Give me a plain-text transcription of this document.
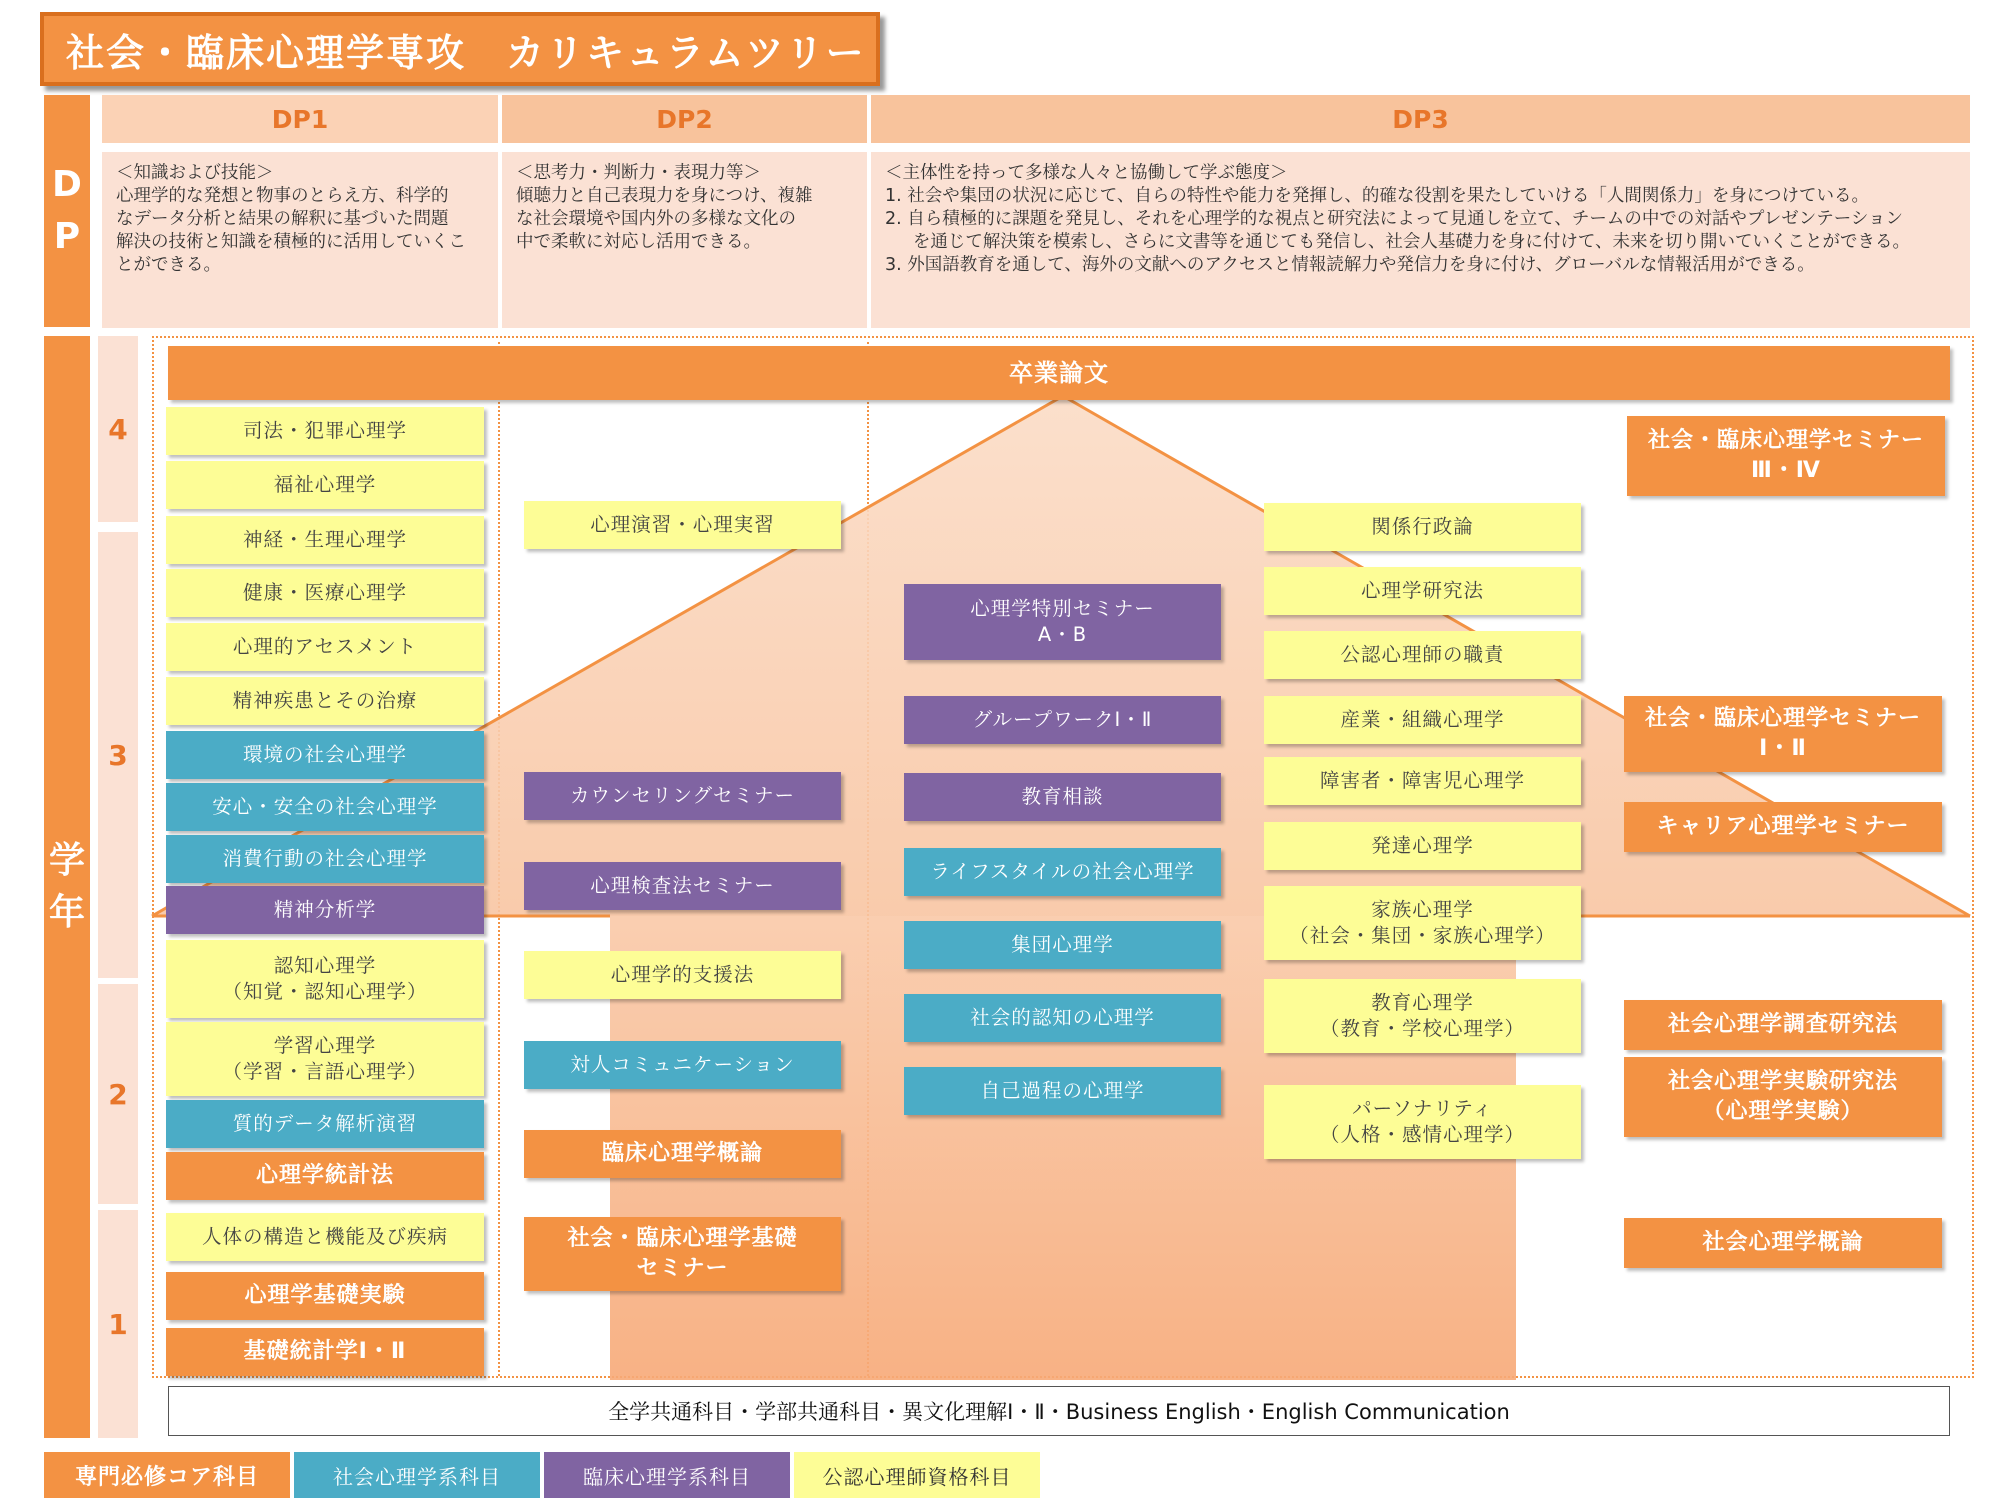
社会・臨床心理学専攻　カリキュラムツリー
D
P
学
年
DP1	DP2	DP3

＜知識および技能＞
心理学的な発想と物事のとらえ方、科学的
なデータ分析と結果の解釈に基づいた問題
解決の技術と知識を積極的に活用していくこ
とができる。

＜思考力・判断力・表現力等＞
傾聴力と自己表現力を身につけ、複雑
な社会環境や国内外の多様な文化の
中で柔軟に対応し活用できる。

＜主体性を持って多様な人々と協働して学ぶ態度＞
1. 社会や集団の状況に応じて、自らの特性や能力を発揮し、的確な役割を果たしていける「人間関係力」を身につけている。
2. 自ら積極的に課題を発見し、それを心理学的な視点と研究法によって見通しを立て、チームの中での対話やプレゼンテーション
を通じて解決策を模索し、さらに文書等を通じても発信し、社会人基礎力を身に付けて、未来を切り開いていくことができる。
3. 外国語教育を通して、海外の文献へのアクセスと情報読解力や発信力を身に付け、グローバルな情報活用ができる。

4
3
2
1
卒業論文
司法・犯罪心理学
福祉心理学
神経・生理心理学
健康・医療心理学
心理的アセスメント
精神疾患とその治療
環境の社会心理学
安心・安全の社会心理学
消費行動の社会心理学
精神分析学
認知心理学
（知覚・認知心理学）
学習心理学
（学習・言語心理学）
質的データ解析演習
心理学統計法
人体の構造と機能及び疾病
心理学基礎実験
基礎統計学Ⅰ・Ⅱ
心理演習・心理実習
カウンセリングセミナー
心理検査法セミナー
心理学的支援法
対人コミュニケーション
臨床心理学概論
社会・臨床心理学基礎
セミナー
心理学特別セミナー
A・B
グループワークⅠ・Ⅱ
教育相談
ライフスタイルの社会心理学
集団心理学
社会的認知の心理学
自己過程の心理学
関係行政論
心理学研究法
公認心理師の職責
産業・組織心理学
障害者・障害児心理学
発達心理学
家族心理学
（社会・集団・家族心理学）
教育心理学
（教育・学校心理学）
パーソナリティ
（人格・感情心理学）
社会・臨床心理学セミナー
Ⅲ・Ⅳ
社会・臨床心理学セミナー
Ⅰ・Ⅱ
キャリア心理学セミナー
社会心理学調査研究法
社会心理学実験研究法
（心理学実験）
社会心理学概論
全学共通科目・学部共通科目・異文化理解Ⅰ・Ⅱ・Business English・English Communication
専門必修コア科目	社会心理学系科目	臨床心理学系科目	公認心理師資格科目
